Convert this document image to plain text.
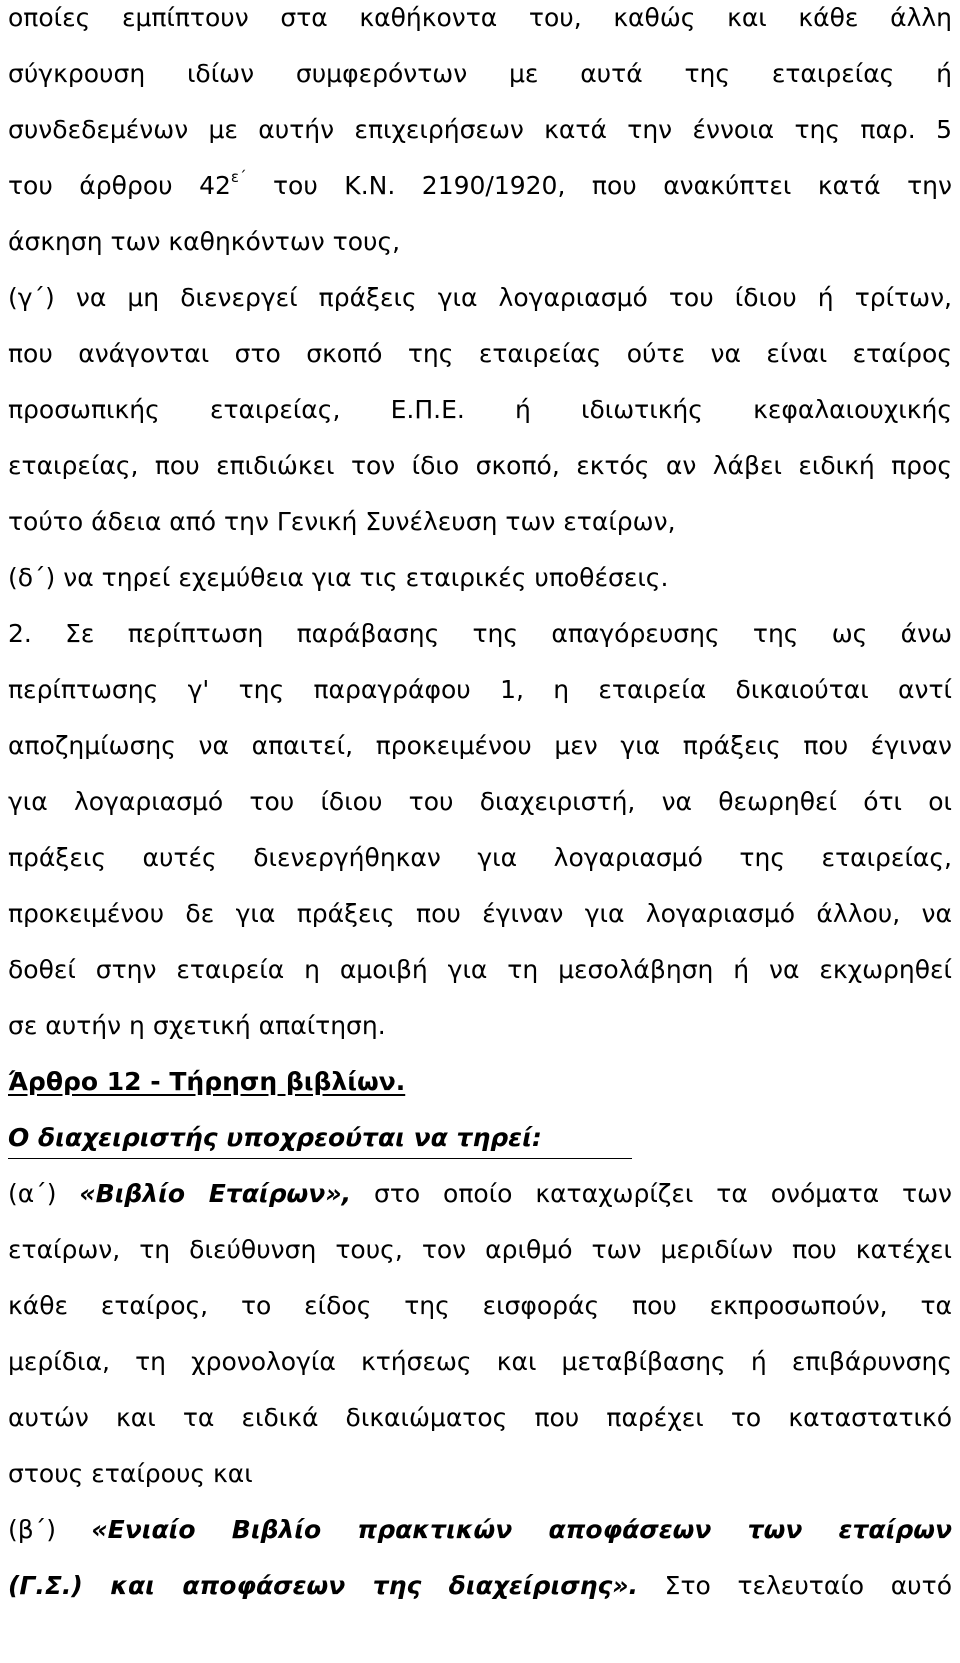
οποίες εμπίπτουν στα καθήκοντα του, καθώς και κάθε άλλη
σύγκρουση ιδίων συμφερόντων με αυτά της εταιρείας ή
συνδεδεμένων με αυτήν επιχειρήσεων κατά την έννοια της παρ. 5
του άρθρου $42^{\varepsilon΄}$ του Κ.Ν. 2190/1920, που ανακύπτει κατά την
άσκηση των καθηκόντων τους,
(γ΄) να μη διενεργεί πράξεις για λογαριασμό του ίδιου ή τρίτων,
που ανάγονται στο σκοπό της εταιρείας ούτε να είναι εταίρος
προσωπικής εταιρείας, Ε.Π.Ε. ή ιδιωτικής κεφαλαιουχικής
εταιρείας, που επιδιώκει τον ίδιο σκοπό, εκτός αν λάβει ειδική προς
τούτο άδεια από την Γενική Συνέλευση των εταίρων,
(δ΄) να τηρεί εχεμύθεια για τις εταιρικές υποθέσεις.
2. Σε περίπτωση παράβασης της απαγόρευσης της ως άνω
περίπτωσης γ' της παραγράφου 1, η εταιρεία δικαιούται αντί
αποζημίωσης να απαιτεί, προκειμένου μεν για πράξεις που έγιναν
για λογαριασμό του ίδιου του διαχειριστή, να θεωρηθεί ότι οι
πράξεις αυτές διενεργήθηκαν για λογαριασμό της εταιρείας,
προκειμένου δε για πράξεις που έγιναν για λογαριασμό άλλου, να
δοθεί στην εταιρεία η αμοιβή για τη μεσολάβηση ή να εκχωρηθεί
σε αυτήν η σχετική απαίτηση.
Άρθρο 12 - Τήρηση βιβλίων.
Ο διαχειριστής υποχρεούται να τηρεί:
(α΄) «Βιβλίο Εταίρων», στο οποίο καταχωρίζει τα ονόματα των
εταίρων, τη διεύθυνση τους, τον αριθμό των μεριδίων που κατέχει
κάθε εταίρος, το είδος της εισφοράς που εκπροσωπούν, τα
μερίδια, τη χρονολογία κτήσεως και μεταβίβασης ή επιβάρυνσης
αυτών και τα ειδικά δικαιώματος που παρέχει το καταστατικό
στους εταίρους και
(β΄) «Ενιαίο Βιβλίο πρακτικών αποφάσεων των εταίρων
(Γ.Σ.) και αποφάσεων της διαχείρισης». Στο τελευταίο αυτό
